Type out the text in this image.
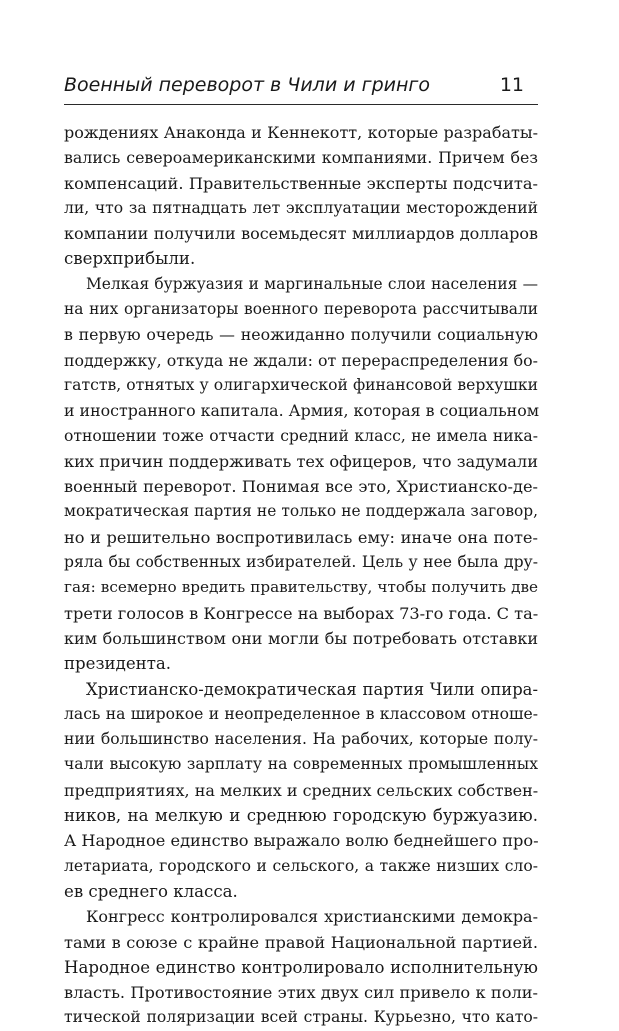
Военный переворот в Чили и гринго	11
рождениях Анаконда и Кеннекотт, которые разрабаты-
вались североамериканскими компаниями. Причем без
компенсаций. Правительственные эксперты подсчита-
ли, что за пятнадцать лет эксплуатации месторождений
компании получили восемьдесят миллиардов долларов
сверхприбыли.
Мелкая буржуазия и маргинальные слои населения —
на них организаторы военного переворота рассчитывали
в первую очередь — неожиданно получили социальную
поддержку, откуда не ждали: от перераспределения бо-
гатств, отнятых у олигархической финансовой верхушки
и иностранного капитала. Армия, которая в социальном
отношении тоже отчасти средний класс, не имела ника-
ких причин поддерживать тех офицеров, что задумали
военный переворот. Понимая все это, Христианско-де-
мократическая партия не только не поддержала заговор,
но и решительно воспротивилась ему: иначе она поте-
ряла бы собственных избирателей. Цель у нее была дру-
гая: всемерно вредить правительству, чтобы получить две
трети голосов в Конгрессе на выборах 73-го года. С та-
ким большинством они могли бы потребовать отставки
президента.
Христианско-демократическая партия Чили опира-
лась на широкое и неопределенное в классовом отноше-
нии большинство населения. На рабочих, которые полу-
чали высокую зарплату на современных промышленных
предприятиях, на мелких и средних сельских собствен-
ников, на мелкую и среднюю городскую буржуазию.
А Народное единство выражало волю беднейшего про-
летариата, городского и сельского, а также низших сло-
ев среднего класса.
Конгресс контролировался христианскими демокра-
тами в союзе с крайне правой Национальной партией.
Народное единство контролировало исполнительную
власть. Противостояние этих двух сил привело к поли-
тической поляризации всей страны. Курьезно, что като-
